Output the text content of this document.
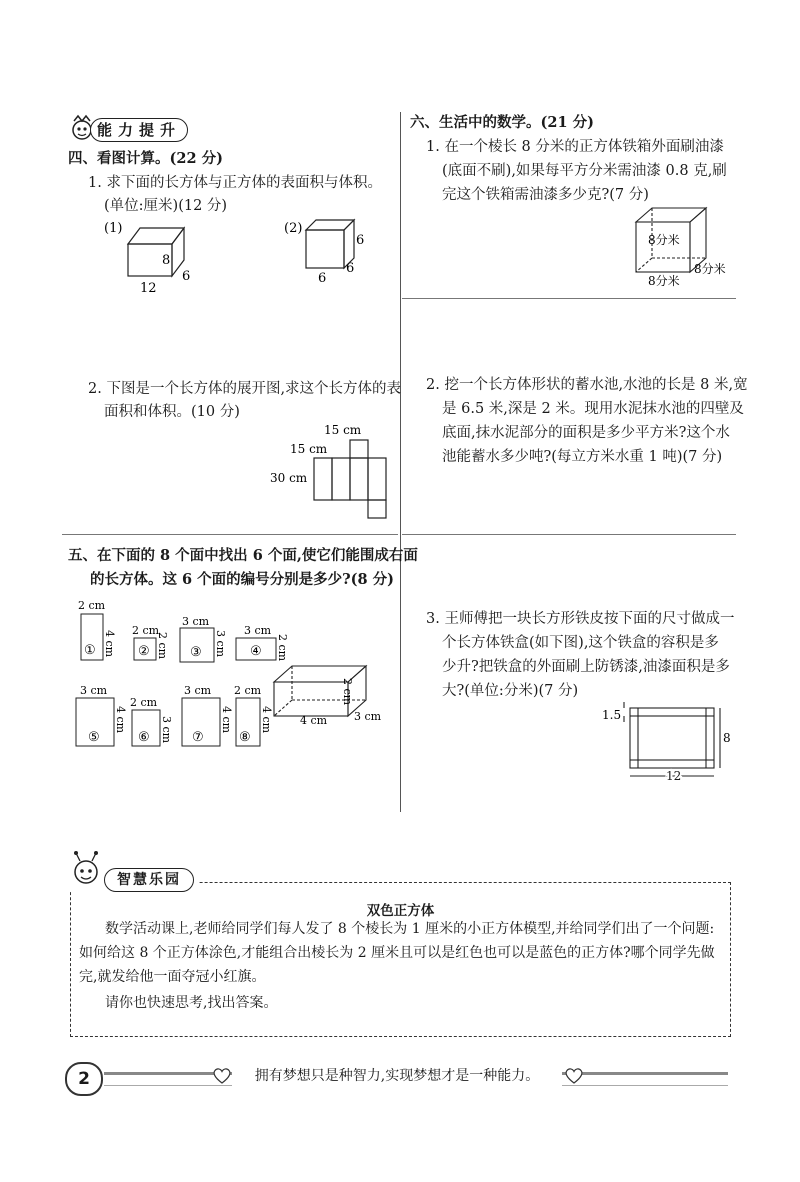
能力提升
四、看图计算。(22 分)
1. 求下面的长方体与正方体的表面积与体积。
(单位:厘米)(12 分)
(1)
8
12
6
(2)
6
6
6
2. 下图是一个长方体的展开图,求这个长方体的表
面积和体积。(10 分)
15 cm
15 cm
30 cm
五、在下面的 8 个面中找出 6 个面,使它们能围成右面
的长方体。这 6 个面的编号分别是多少?(8 分)
2 cm
① 4 cm 2 cm
② 2 cm
3 cm
③ 3 cm 3 cm
④ 2 cm
3 cm
⑤
4 cm
2 cm
⑥ 3 cm
3 cm
⑦
4 cm
2 cm
⑧
4 cm
2 cm
4 cm 3 cm
六、生活中的数学。(21 分)
1. 在一个棱长 8 分米的正方体铁箱外面刷油漆
(底面不刷),如果每平方分米需油漆 0.8 克,刷
完这个铁箱需油漆多少克?(7 分)
8分米
8分米
8分米
2. 挖一个长方体形状的蓄水池,水池的长是 8 米,宽
是 6.5 米,深是 2 米。现用水泥抹水池的四壁及
底面,抹水泥部分的面积是多少平方米?这个水
池能蓄水多少吨?(每立方米水重 1 吨)(7 分)
3. 王师傅把一块长方形铁皮按下面的尺寸做成一
个长方体铁盒(如下图),这个铁盒的容积是多
少升?把铁盒的外面刷上防锈漆,油漆面积是多
大?(单位:分米)(7 分)
1.5
8
12
双色正方体
数学活动课上,老师给同学们每人发了 8 个棱长为 1 厘米的小正方体模型,并给同学们出了一个问题:
如何给这 8 个正方体涂色,才能组合出棱长为 2 厘米且可以是红色也可以是蓝色的正方体?哪个同学先做
完,就发给他一面夺冠小红旗。
请你也快速思考,找出答案。
智慧乐园
2	拥有梦想只是种智力,实现梦想才是一种能力。
